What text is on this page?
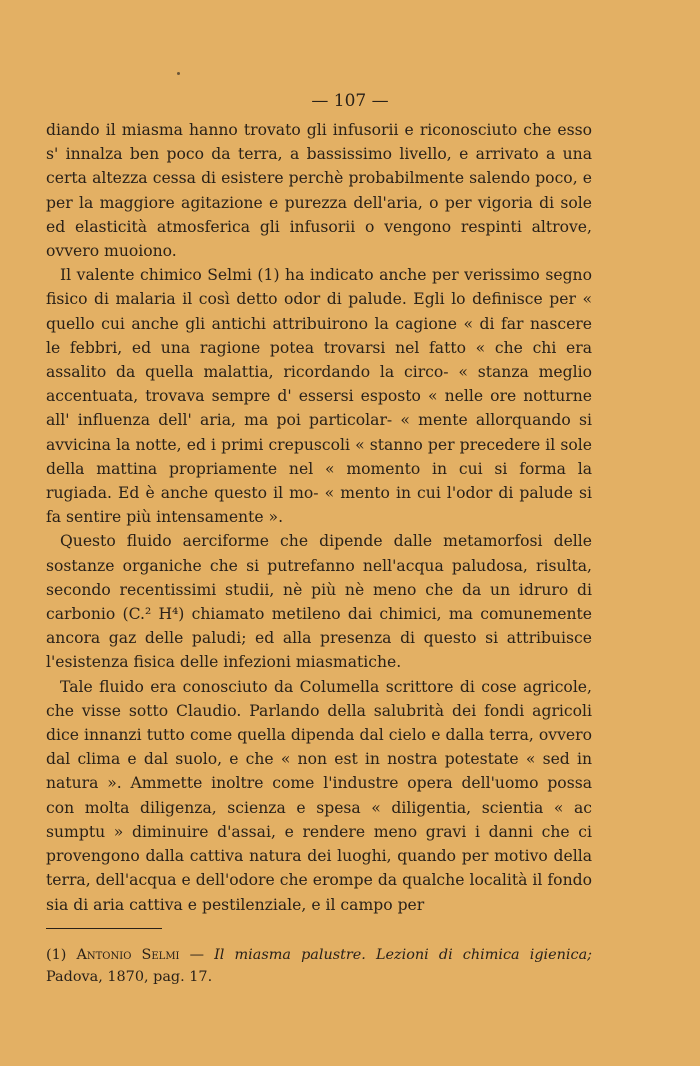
— 107 —

diando il miasma hanno trovato gli infusorii e riconosciuto che esso s' innalza ben poco da terra, a bassissimo livello, e arrivato a una certa altezza cessa di esistere perchè probabilmente salendo poco, e per la maggiore agitazione e purezza dell'aria, o per vigoria di sole ed elasticità atmosferica gli infusorii o vengono respinti altrove, ovvero muoiono.

Il valente chimico Selmi (1) ha indicato anche per verissimo segno fisico di malaria il così detto odor di palude. Egli lo definisce per « quello cui anche gli antichi attribuirono la cagione « di far nascere le febbri, ed una ragione potea trovarsi nel fatto « che chi era assalito da quella malattia, ricordando la circo- « stanza meglio accentuata, trovava sempre d' essersi esposto « nelle ore notturne all' influenza dell' aria, ma poi particolar- « mente allorquando si avvicina la notte, ed i primi crepuscoli « stanno per precedere il sole della mattina propriamente nel « momento in cui si forma la rugiada. Ed è anche questo il mo- « mento in cui l'odor di palude si fa sentire più intensamente ».

Questo fluido aerciforme che dipende dalle metamorfosi delle sostanze organiche che si putrefanno nell'acqua paludosa, risulta, secondo recentissimi studii, nè più nè meno che da un idruro di carbonio (C.² H⁴) chiamato metileno dai chimici, ma comunemente ancora gaz delle paludi; ed alla presenza di questo si attribuisce l'esistenza fisica delle infezioni miasmatiche.

Tale fluido era conosciuto da Columella scrittore di cose agricole, che visse sotto Claudio. Parlando della salubrità dei fondi agricoli dice innanzi tutto come quella dipenda dal cielo e dalla terra, ovvero dal clima e dal suolo, e che « non est in nostra potestate « sed in natura ». Ammette inoltre come l'industre opera dell'uomo possa con molta diligenza, scienza e spesa « diligentia, scientia « ac sumptu » diminuire d'assai, e rendere meno gravi i danni che ci provengono dalla cattiva natura dei luoghi, quando per motivo della terra, dell'acqua e dell'odore che erompe da qualche località il fondo sia di aria cattiva e pestilenziale, e il campo per

(1) Antonio Selmi — Il miasma palustre. Lezioni di chimica igienica; Padova, 1870, pag. 17.
